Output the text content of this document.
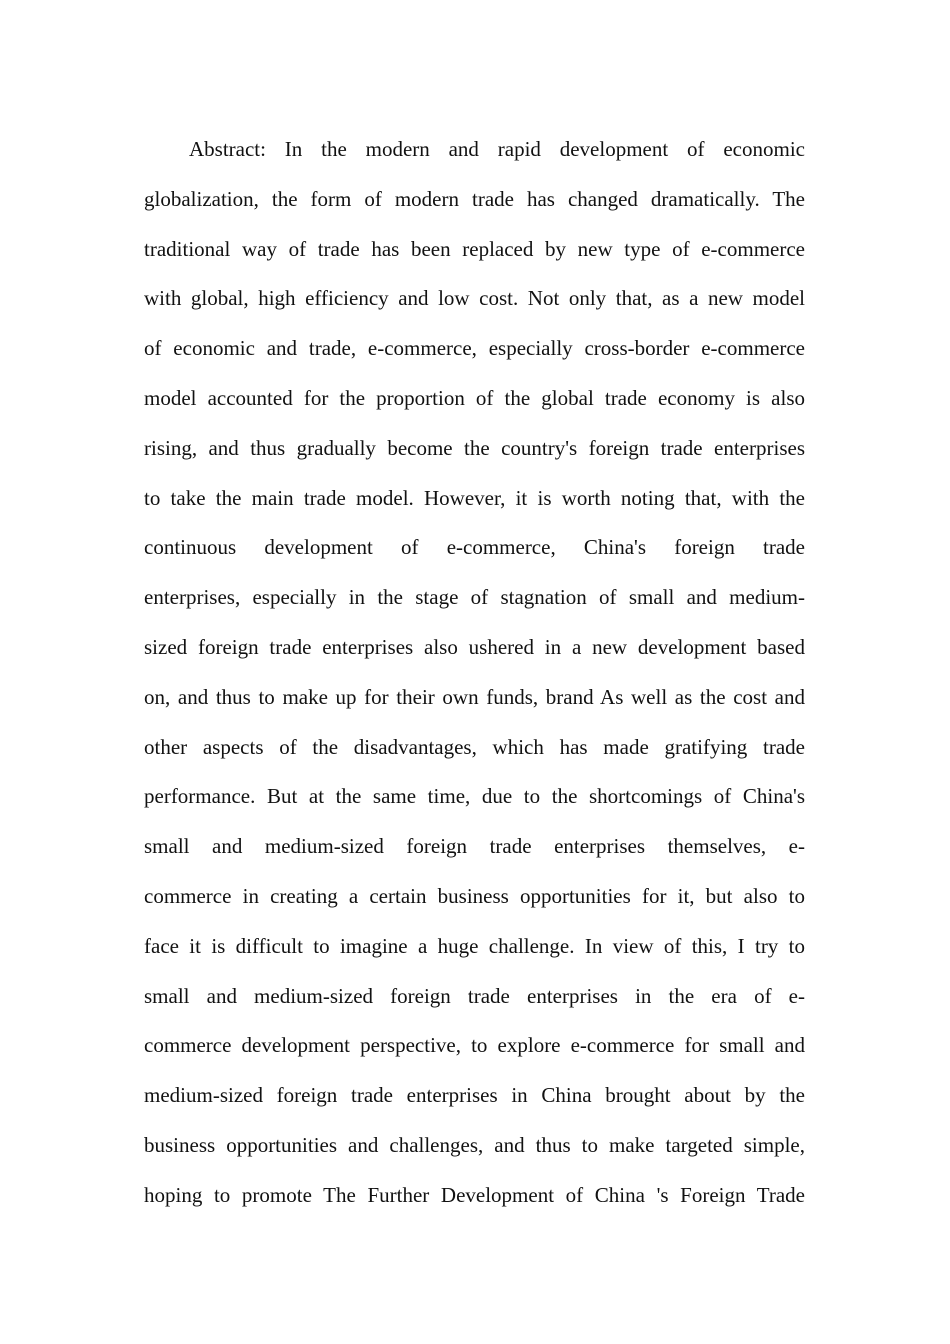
Abstract: In the modern and rapid development of economic
globalization, the form of modern trade has changed dramatically. The
traditional way of trade has been replaced by new type of e-commerce
with global, high efficiency and low cost. Not only that, as a new model
of economic and trade, e-commerce, especially cross-border e-commerce
model accounted for the proportion of the global trade economy is also
rising, and thus gradually become the country's foreign trade enterprises
to take the main trade model. However, it is worth noting that, with the
continuous development of e-commerce, China's foreign trade
enterprises, especially in the stage of stagnation of small and medium-
sized foreign trade enterprises also ushered in a new development based
on, and thus to make up for their own funds, brand As well as the cost and
other aspects of the disadvantages, which has made gratifying trade
performance. But at the same time, due to the shortcomings of China's
small and medium-sized foreign trade enterprises themselves, e-
commerce in creating a certain business opportunities for it, but also to
face it is difficult to imagine a huge challenge. In view of this, I try to
small and medium-sized foreign trade enterprises in the era of e-
commerce development perspective, to explore e-commerce for small and
medium-sized foreign trade enterprises in China brought about by the
business opportunities and challenges, and thus to make targeted simple,
hoping to promote The Further Development of China 's Foreign Trade
